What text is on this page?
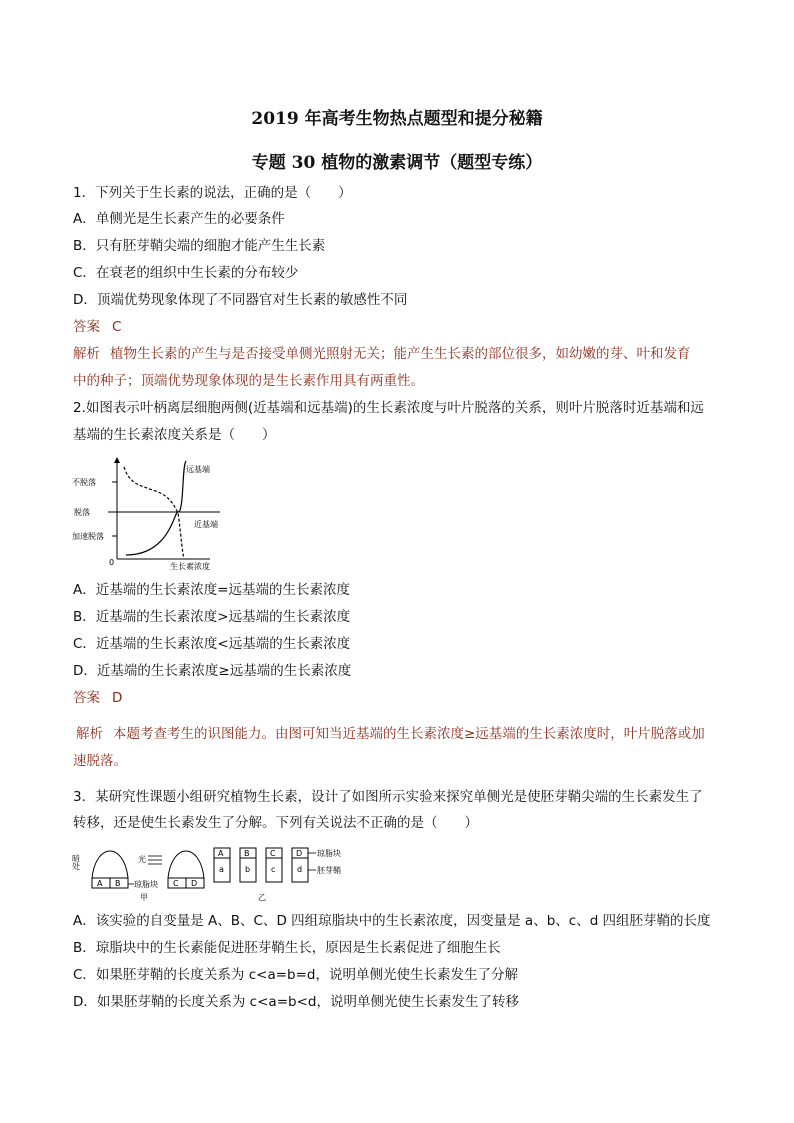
2019 年高考生物热点题型和提分秘籍
专题 30 植物的激素调节（题型专练）
1．下列关于生长素的说法，正确的是（　　）
A．单侧光是生长素产生的必要条件
B．只有胚芽鞘尖端的细胞才能产生生长素
C．在衰老的组织中生长素的分布较少
D．顶端优势现象体现了不同器官对生长素的敏感性不同
答案 C
解析 植物生长素的产生与是否接受单侧光照射无关；能产生生长素的部位很多，如幼嫩的芽、叶和发育
中的种子；顶端优势现象体现的是生长素作用具有两重性。
2.如图表示叶柄离层细胞两侧(近基端和远基端)的生长素浓度与叶片脱落的关系，则叶片脱落时近基端和远
基端的生长素浓度关系是（　　）
不脱落
脱落
加速脱落
0	生长素浓度
远基端
近基端
A．近基端的生长素浓度=远基端的生长素浓度
B．近基端的生长素浓度>远基端的生长素浓度
C．近基端的生长素浓度<远基端的生长素浓度
D．近基端的生长素浓度≥远基端的生长素浓度
答案 D
解析 本题考查考生的识图能力。由图可知当近基端的生长素浓度≥远基端的生长素浓度时，叶片脱落或加
速脱落。
3．某研究性课题小组研究植物生长素，设计了如图所示实验来探究单侧光是使胚芽鞘尖端的生长素发生了
转移，还是使生长素发生了分解。下列有关说法不正确的是（　　）
暗处
A B 琼脂块
光
C D
甲
A
a
B
b
C
c
D
d
琼脂块
胚芽鞘
乙
A．该实验的自变量是 A、B、C、D 四组琼脂块中的生长素浓度，因变量是 a、b、c、d 四组胚芽鞘的长度
B．琼脂块中的生长素能促进胚芽鞘生长，原因是生长素促进了细胞生长
C．如果胚芽鞘的长度关系为 c<a=b=d，说明单侧光使生长素发生了分解
D．如果胚芽鞘的长度关系为 c<a=b<d，说明单侧光使生长素发生了转移
